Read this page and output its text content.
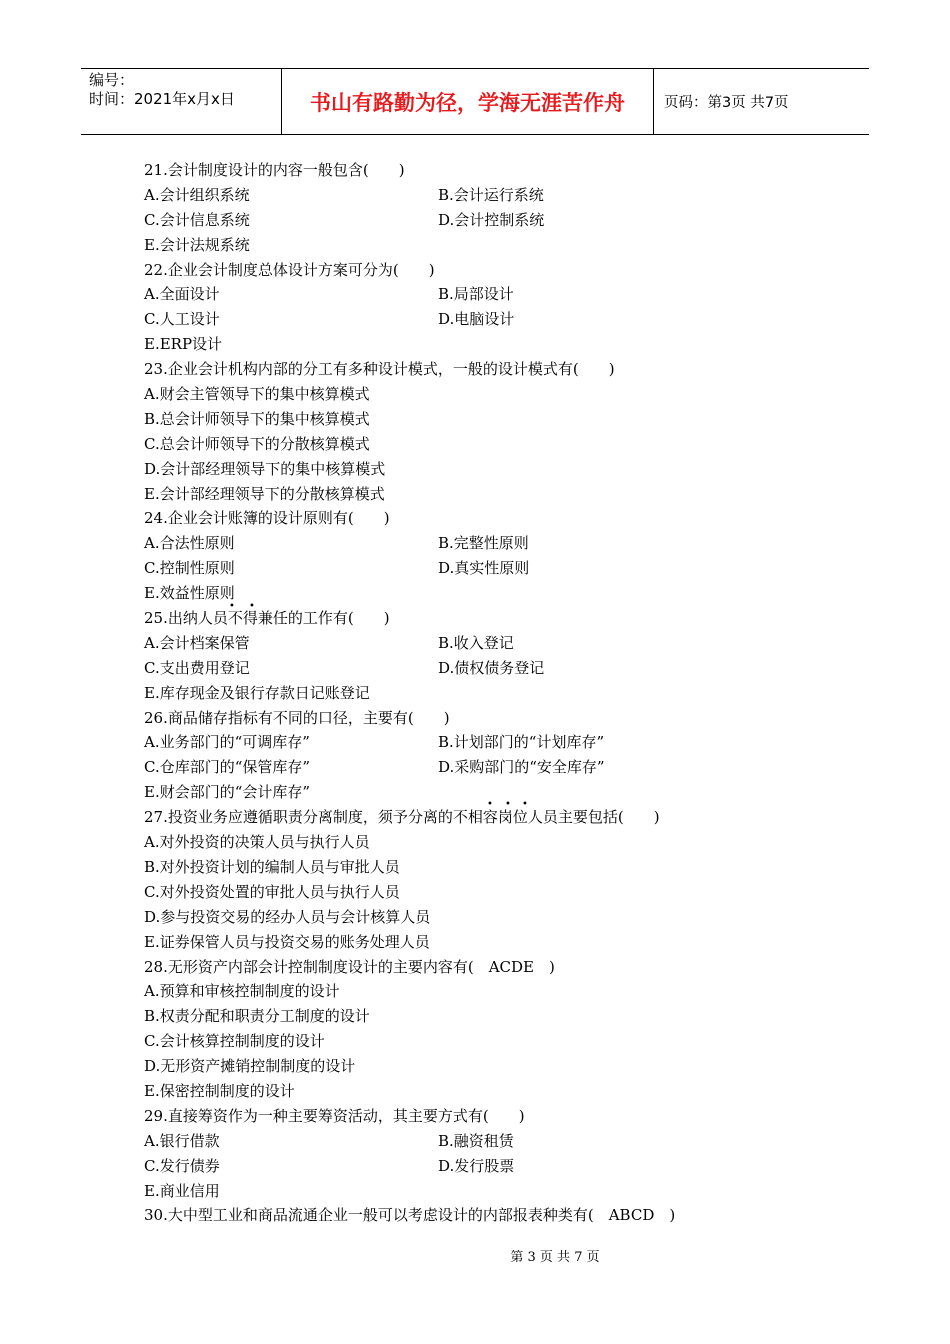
编号：
时间：2021年x月x日	书山有路勤为径，学海无涯苦作舟	页码：第3页 共7页
21.会计制度设计的内容一般包含(　　)
A.会计组织系统	B.会计运行系统
C.会计信息系统	D.会计控制系统
E.会计法规系统
22.企业会计制度总体设计方案可分为(　　)
A.全面设计	B.局部设计
C.人工设计	D.电脑设计
E.ERP设计
23.企业会计机构内部的分工有多种设计模式，一般的设计模式有(　　)
A.财会主管领导下的集中核算模式
B.总会计师领导下的集中核算模式
C.总会计师领导下的分散核算模式
D.会计部经理领导下的集中核算模式
E.会计部经理领导下的分散核算模式
24.企业会计账簿的设计原则有(　　)
A.合法性原则	B.完整性原则
C.控制性原则	D.真实性原则
E.效益性原则
25.出纳人员不得兼任的工作有(　　)
A.会计档案保管	B.收入登记
C.支出费用登记	D.债权债务登记
E.库存现金及银行存款日记账登记
26.商品储存指标有不同的口径，主要有(　　)
A.业务部门的“可调库存”	B.计划部门的“计划库存”
C.仓库部门的“保管库存”	D.采购部门的“安全库存”
E.财会部门的“会计库存”
27.投资业务应遵循职责分离制度，须予分离的不相容岗位人员主要包括(　　)
A.对外投资的决策人员与执行人员
B.对外投资计划的编制人员与审批人员
C.对外投资处置的审批人员与执行人员
D.参与投资交易的经办人员与会计核算人员
E.证券保管人员与投资交易的账务处理人员
28.无形资产内部会计控制制度设计的主要内容有(　ACDE　)
A.预算和审核控制制度的设计
B.权责分配和职责分工制度的设计
C.会计核算控制制度的设计
D.无形资产摊销控制制度的设计
E.保密控制制度的设计
29.直接筹资作为一种主要筹资活动，其主要方式有(　　)
A.银行借款	B.融资租赁
C.发行债券	D.发行股票
E.商业信用
30.大中型工业和商品流通企业一般可以考虑设计的内部报表种类有(　ABCD　)
• •
• • •
第 3 页 共 7 页
